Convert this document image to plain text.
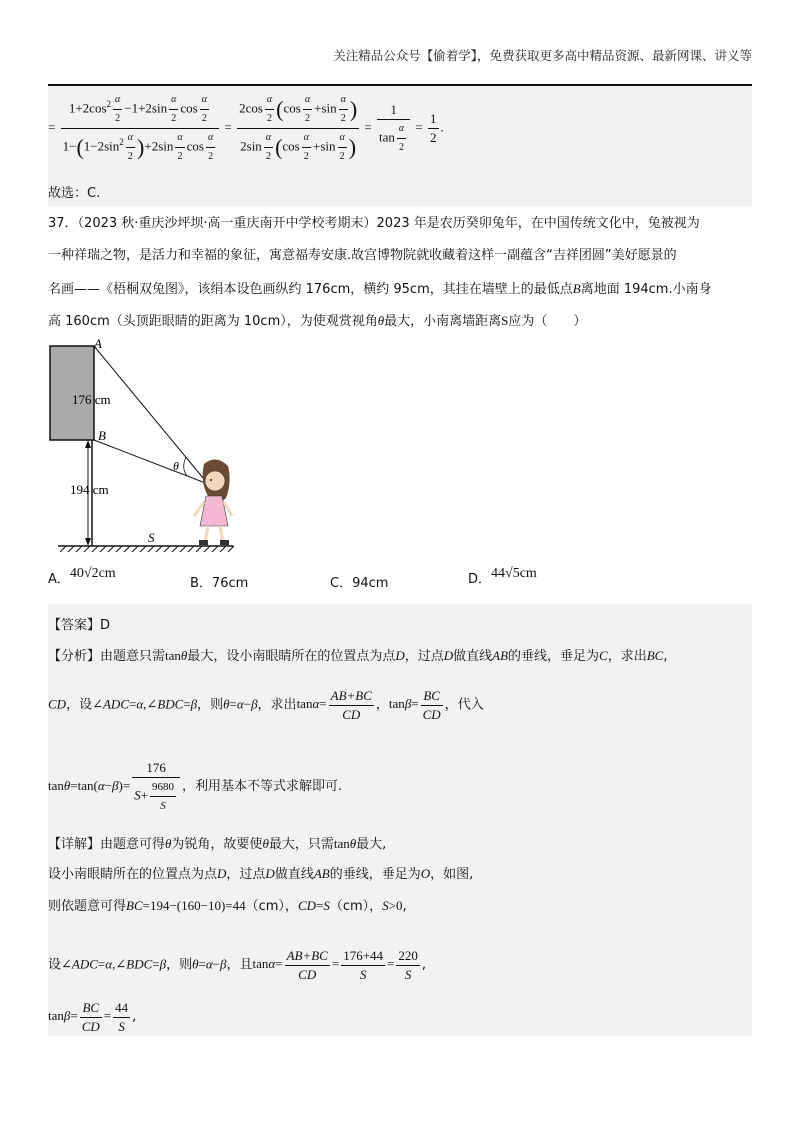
关注精品公众号【偷着学】，免费获取更多高中精品资源、最新网课、讲义等
= $\frac{1+2\cos^2 \frac{\alpha}{2} -1+2\sin \frac{\alpha}{2} \cos \frac{\alpha}{2}}{1-(1-2\sin^2 \frac{\alpha}{2} )+2\sin \frac{\alpha}{2} \cos \frac{\alpha}{2}} = \frac{2\cos \frac{\alpha}{2} (\cos \frac{\alpha}{2} +\sin \frac{\alpha}{2} )}{2\sin \frac{\alpha}{2} (\cos \frac{\alpha}{2} +\sin \frac{\alpha}{2} )} = \frac{1}{\tan \frac{\alpha}{2}} = \frac{1}{2}$ .
故选：C.
37．（2023 秋·重庆沙坪坝·高一重庆南开中学校考期末）2023 年是农历癸卯兔年，在中国传统文化中，兔被视为
一种祥瑞之物，是活力和幸福的象征，寓意福寿安康.故宫博物院就收藏着这样一副蕴含“吉祥团圆”美好愿景的
名画——《梧桐双兔图》，该绢本设色画纵约 176cm，横约 95cm，其挂在墙壁上的最低点B离地面 194cm.小南身
高 160cm（头顶距眼睛的距离为 10cm），为使观赏视角θ最大，小南离墙距离S应为（　　）
A
B
θ
S
176 cm
194 cm
A．40√2cm
B．76cm	C．94cm	D．44√5cm
【答案】D
【分析】由题意只需tanθ最大，设小南眼睛所在的位置点为点D，过点D做直线AB的垂线，垂足为C，求出BC,
CD，设∠ADC=α,∠BDC=β，则θ=α−β，求出$\tan\alpha= \frac{AB+BC}{CD}$ ，$\tan\beta= \frac{BC}{CD}$ ，代入
$\tan\theta=\tan(\alpha-\beta)= \frac{176}{S+ \frac{9680}{S}}$ ，利用基本不等式求解即可.
【详解】由题意可得θ为锐角，故要使θ最大，只需tanθ最大,
设小南眼睛所在的位置点为点D，过点D做直线AB的垂线，垂足为O，如图,
则依题意可得BC=194−(160−10)=44（cm），CD=S（cm），S>0,
设∠ADC=α,∠BDC=β，则θ=α−β，且$\tan\alpha= \frac{AB+BC}{CD} = \frac{176+44}{S} = \frac{220}{S}$ ,
$\tan\beta= \frac{BC}{CD} = \frac{44}{S}$ ,
